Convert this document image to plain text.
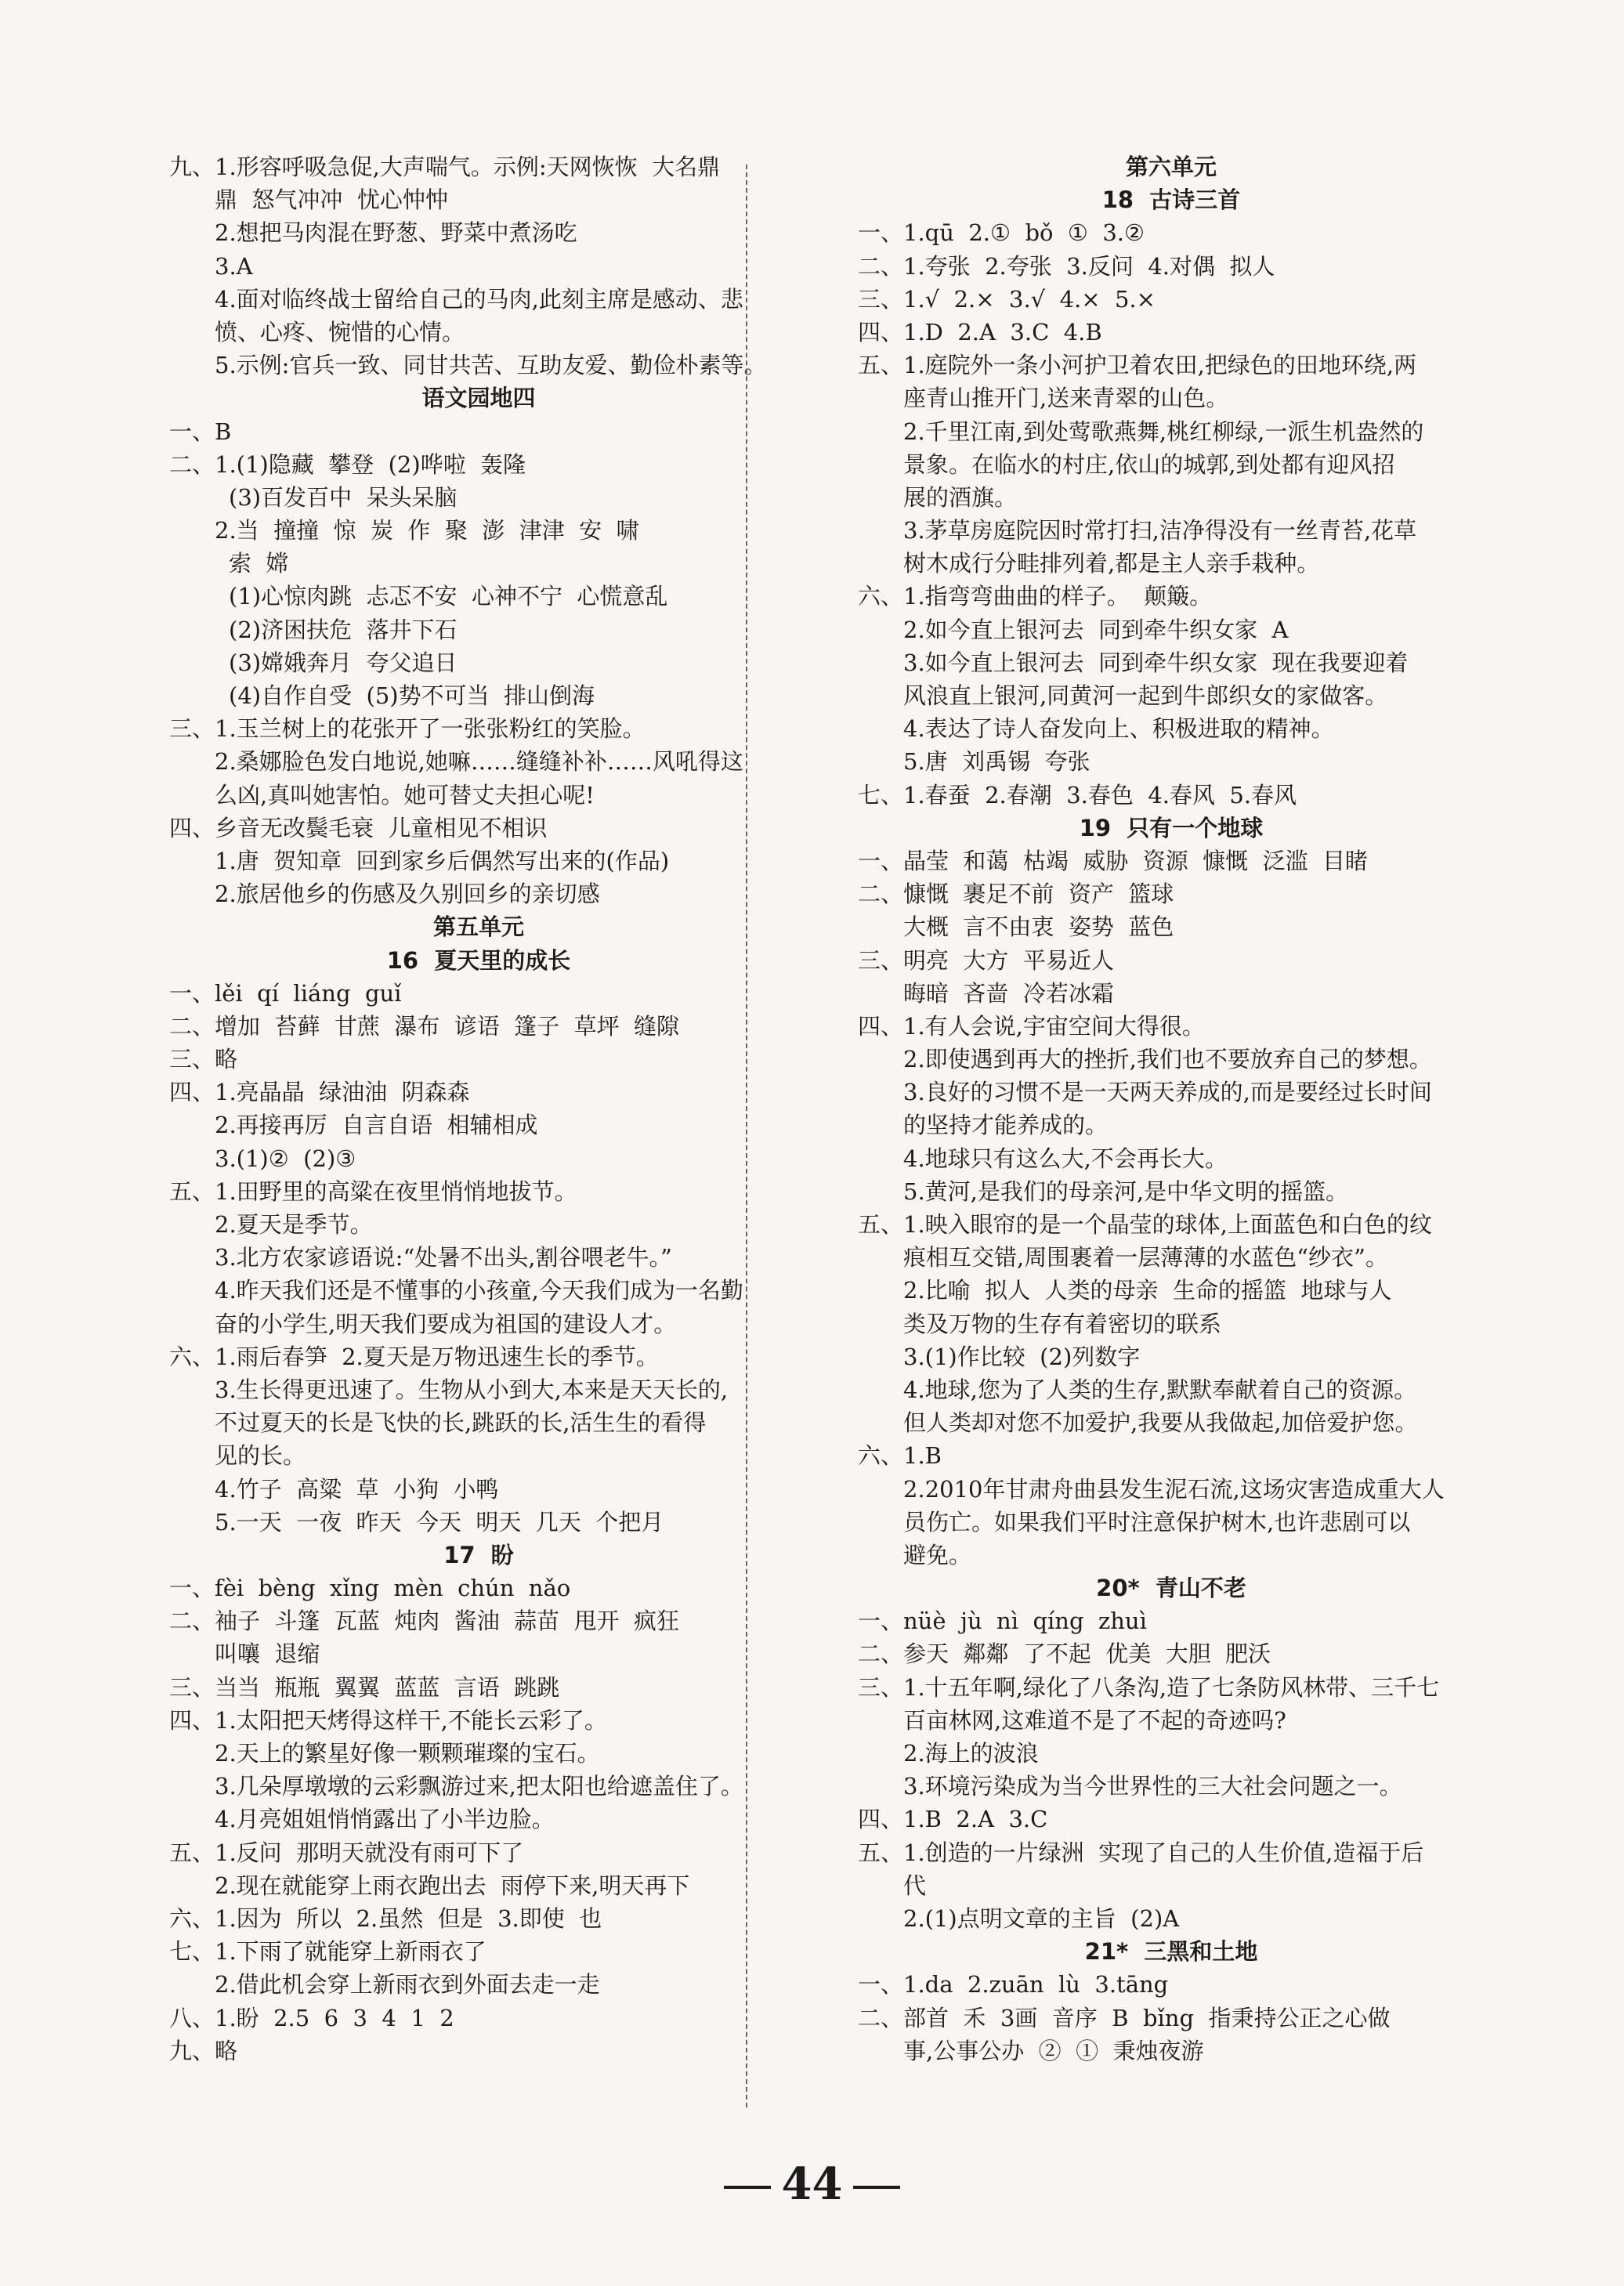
九、1.形容呼吸急促,大声喘气。示例:天网恢恢  大名鼎
鼎  怒气冲冲  忧心忡忡
2.想把马肉混在野葱、野菜中煮汤吃
3.A
4.面对临终战士留给自己的马肉,此刻主席是感动、悲
愤、心疼、惋惜的心情。
5.示例:官兵一致、同甘共苦、互助友爱、勤俭朴素等。
语文园地四
一、B
二、1.(1)隐藏  攀登  (2)哗啦  轰隆
(3)百发百中  呆头呆脑
2.当  撞撞  惊  炭  作  聚  澎  津津  安  啸
索  嫦
(1)心惊肉跳  忐忑不安  心神不宁  心慌意乱
(2)济困扶危  落井下石
(3)嫦娥奔月  夸父追日
(4)自作自受  (5)势不可当  排山倒海
三、1.玉兰树上的花张开了一张张粉红的笑脸。
2.桑娜脸色发白地说,她嘛……缝缝补补……风吼得这
么凶,真叫她害怕。她可替丈夫担心呢!
四、乡音无改鬓毛衰  儿童相见不相识
1.唐  贺知章  回到家乡后偶然写出来的(作品)
2.旅居他乡的伤感及久别回乡的亲切感
第五单元
16  夏天里的成长
一、lěi  qí  liáng  guǐ
二、增加  苔藓  甘蔗  瀑布  谚语  篷子  草坪  缝隙
三、略
四、1.亮晶晶  绿油油  阴森森
2.再接再厉  自言自语  相辅相成
3.(1)②  (2)③
五、1.田野里的高粱在夜里悄悄地拔节。
2.夏天是季节。
3.北方农家谚语说:“处暑不出头,割谷喂老牛。”
4.昨天我们还是不懂事的小孩童,今天我们成为一名勤
奋的小学生,明天我们要成为祖国的建设人才。
六、1.雨后春笋  2.夏天是万物迅速生长的季节。
3.生长得更迅速了。生物从小到大,本来是天天长的,
不过夏天的长是飞快的长,跳跃的长,活生生的看得
见的长。
4.竹子  高粱  草  小狗  小鸭
5.一天  一夜  昨天  今天  明天  几天  个把月
17  盼
一、fèi  bèng  xǐng  mèn  chún  nǎo
二、袖子  斗篷  瓦蓝  炖肉  酱油  蒜苗  甩开  疯狂
叫嚷  退缩
三、当当  瓶瓶  翼翼  蓝蓝  言语  跳跳
四、1.太阳把天烤得这样干,不能长云彩了。
2.天上的繁星好像一颗颗璀璨的宝石。
3.几朵厚墩墩的云彩飘游过来,把太阳也给遮盖住了。
4.月亮姐姐悄悄露出了小半边脸。
五、1.反问  那明天就没有雨可下了
2.现在就能穿上雨衣跑出去  雨停下来,明天再下
六、1.因为  所以  2.虽然  但是  3.即使  也
七、1.下雨了就能穿上新雨衣了
2.借此机会穿上新雨衣到外面去走一走
八、1.盼  2.5  6  3  4  1  2
九、略
第六单元
18  古诗三首
一、1.qū  2.①  bǒ  ①  3.②
二、1.夸张  2.夸张  3.反问  4.对偶  拟人
三、1.√  2.×  3.√  4.×  5.×
四、1.D  2.A  3.C  4.B
五、1.庭院外一条小河护卫着农田,把绿色的田地环绕,两
座青山推开门,送来青翠的山色。
2.千里江南,到处莺歌燕舞,桃红柳绿,一派生机盎然的
景象。在临水的村庄,依山的城郭,到处都有迎风招
展的酒旗。
3.茅草房庭院因时常打扫,洁净得没有一丝青苔,花草
树木成行分畦排列着,都是主人亲手栽种。
六、1.指弯弯曲曲的样子。  颠簸。
2.如今直上银河去  同到牵牛织女家  A
3.如今直上银河去  同到牵牛织女家  现在我要迎着
风浪直上银河,同黄河一起到牛郎织女的家做客。
4.表达了诗人奋发向上、积极进取的精神。
5.唐  刘禹锡  夸张
七、1.春蚕  2.春潮  3.春色  4.春风  5.春风
19  只有一个地球
一、晶莹  和蔼  枯竭  威胁  资源  慷慨  泛滥  目睹
二、慷慨  裹足不前  资产  篮球
大概  言不由衷  姿势  蓝色
三、明亮  大方  平易近人
晦暗  吝啬  冷若冰霜
四、1.有人会说,宇宙空间大得很。
2.即使遇到再大的挫折,我们也不要放弃自己的梦想。
3.良好的习惯不是一天两天养成的,而是要经过长时间
的坚持才能养成的。
4.地球只有这么大,不会再长大。
5.黄河,是我们的母亲河,是中华文明的摇篮。
五、1.映入眼帘的是一个晶莹的球体,上面蓝色和白色的纹
痕相互交错,周围裹着一层薄薄的水蓝色“纱衣”。
2.比喻  拟人  人类的母亲  生命的摇篮  地球与人
类及万物的生存有着密切的联系
3.(1)作比较  (2)列数字
4.地球,您为了人类的生存,默默奉献着自己的资源。
但人类却对您不加爱护,我要从我做起,加倍爱护您。
六、1.B
2.2010年甘肃舟曲县发生泥石流,这场灾害造成重大人
员伤亡。如果我们平时注意保护树木,也许悲剧可以
避免。
20*  青山不老
一、nüè  jù  nì  qíng  zhuì
二、参天  鄰鄰  了不起  优美  大胆  肥沃
三、1.十五年啊,绿化了八条沟,造了七条防风林带、三千七
百亩林网,这难道不是了不起的奇迹吗?
2.海上的波浪
3.环境污染成为当今世界性的三大社会问题之一。
四、1.B  2.A  3.C
五、1.创造的一片绿洲  实现了自己的人生价值,造福于后
代
2.(1)点明文章的主旨  (2)A
21*  三黑和土地
一、1.da  2.zuān  lù  3.tāng
二、部首  禾  3画  音序  B  bǐng  指秉持公正之心做
事,公事公办  ②  ①  秉烛夜游
44
